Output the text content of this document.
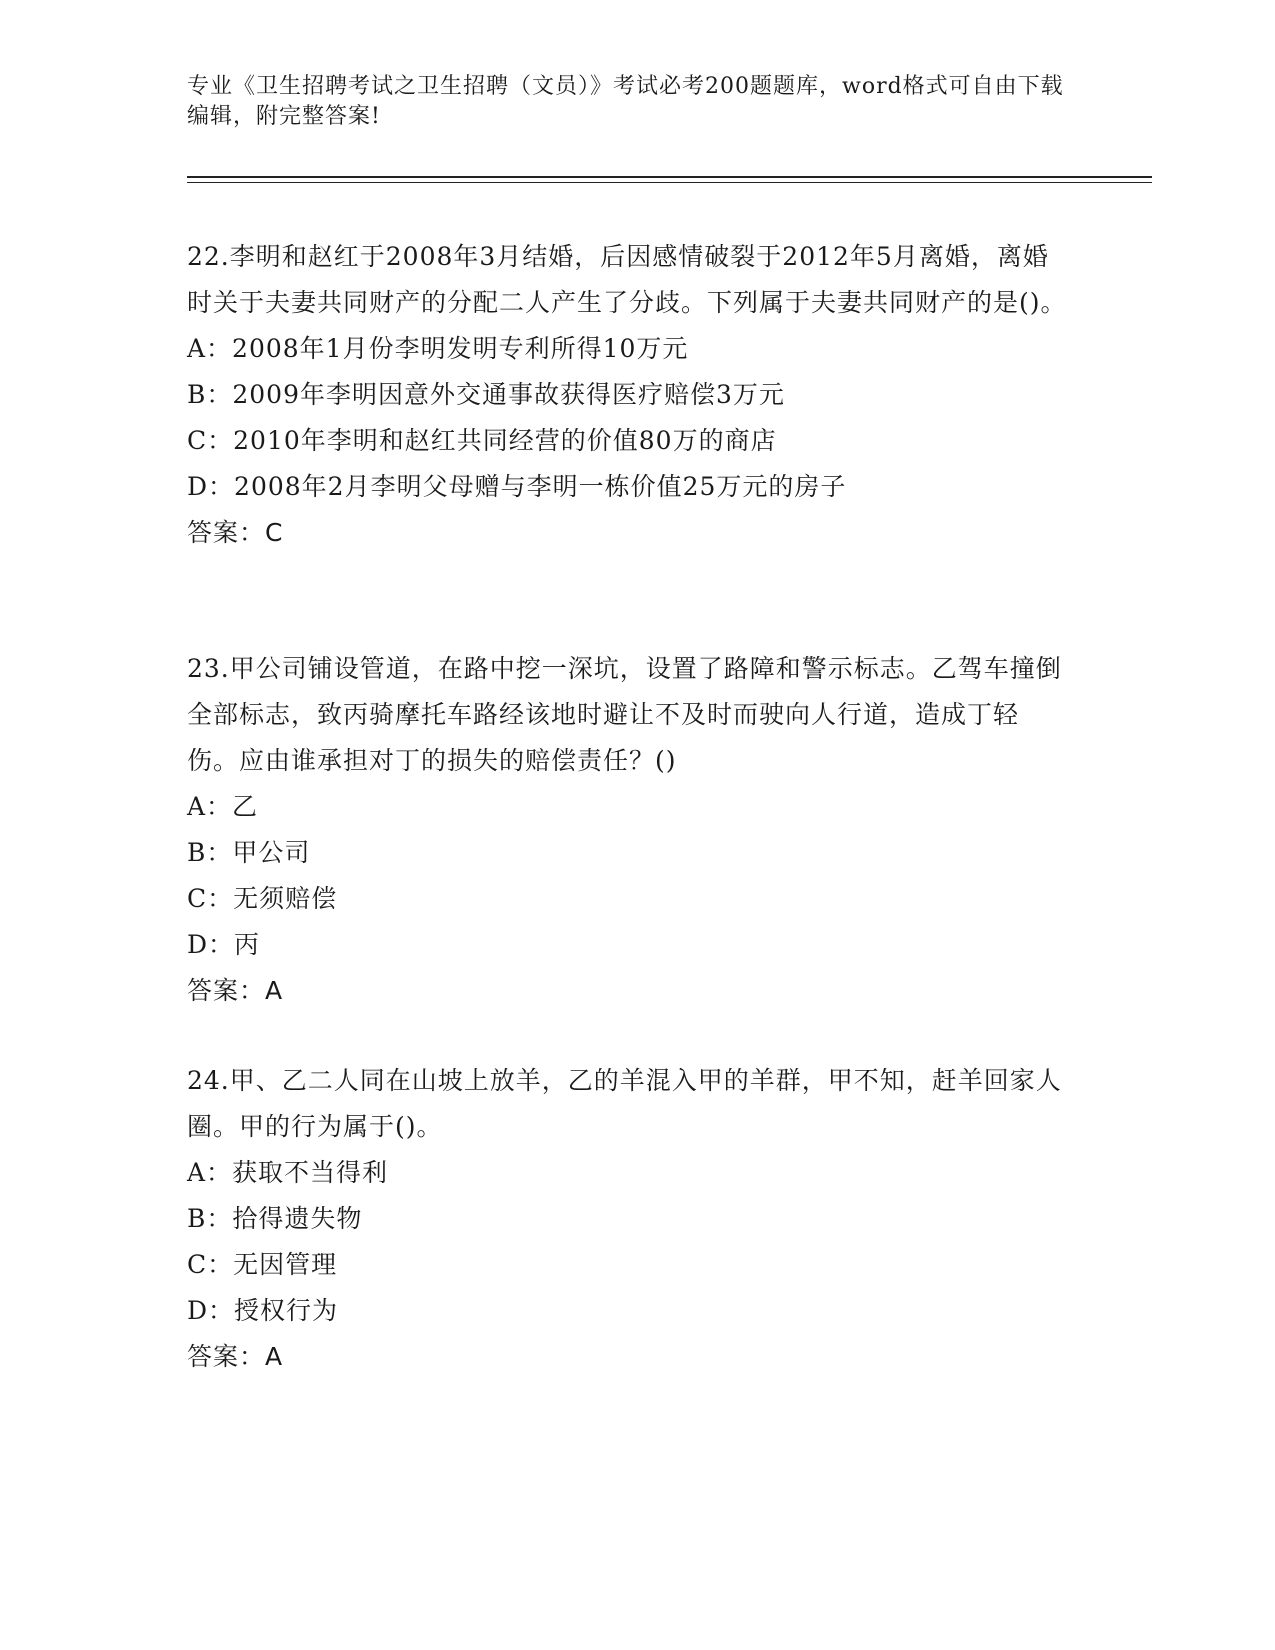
专业《卫生招聘考试之卫生招聘（文员）》考试必考200题题库，word格式可自由下载编辑，附完整答案!
22.李明和赵红于2008年3月结婚，后因感情破裂于2012年5月离婚，离婚时关于夫妻共同财产的分配二人产生了分歧。下列属于夫妻共同财产的是()。
A：2008年1月份李明发明专利所得10万元
B：2009年李明因意外交通事故获得医疗赔偿3万元
C：2010年李明和赵红共同经营的价值80万的商店
D：2008年2月李明父母赠与李明一栋价值25万元的房子
答案：C
23.甲公司铺设管道，在路中挖一深坑，设置了路障和警示标志。乙驾车撞倒全部标志，致丙骑摩托车路经该地时避让不及时而驶向人行道，造成丁轻伤。应由谁承担对丁的损失的赔偿责任？()
A：乙
B：甲公司
C：无须赔偿
D：丙
答案：A
24.甲、乙二人同在山坡上放羊，乙的羊混入甲的羊群，甲不知，赶羊回家人圈。甲的行为属于()。
A：获取不当得利
B：拾得遗失物
C：无因管理
D：授权行为
答案：A
